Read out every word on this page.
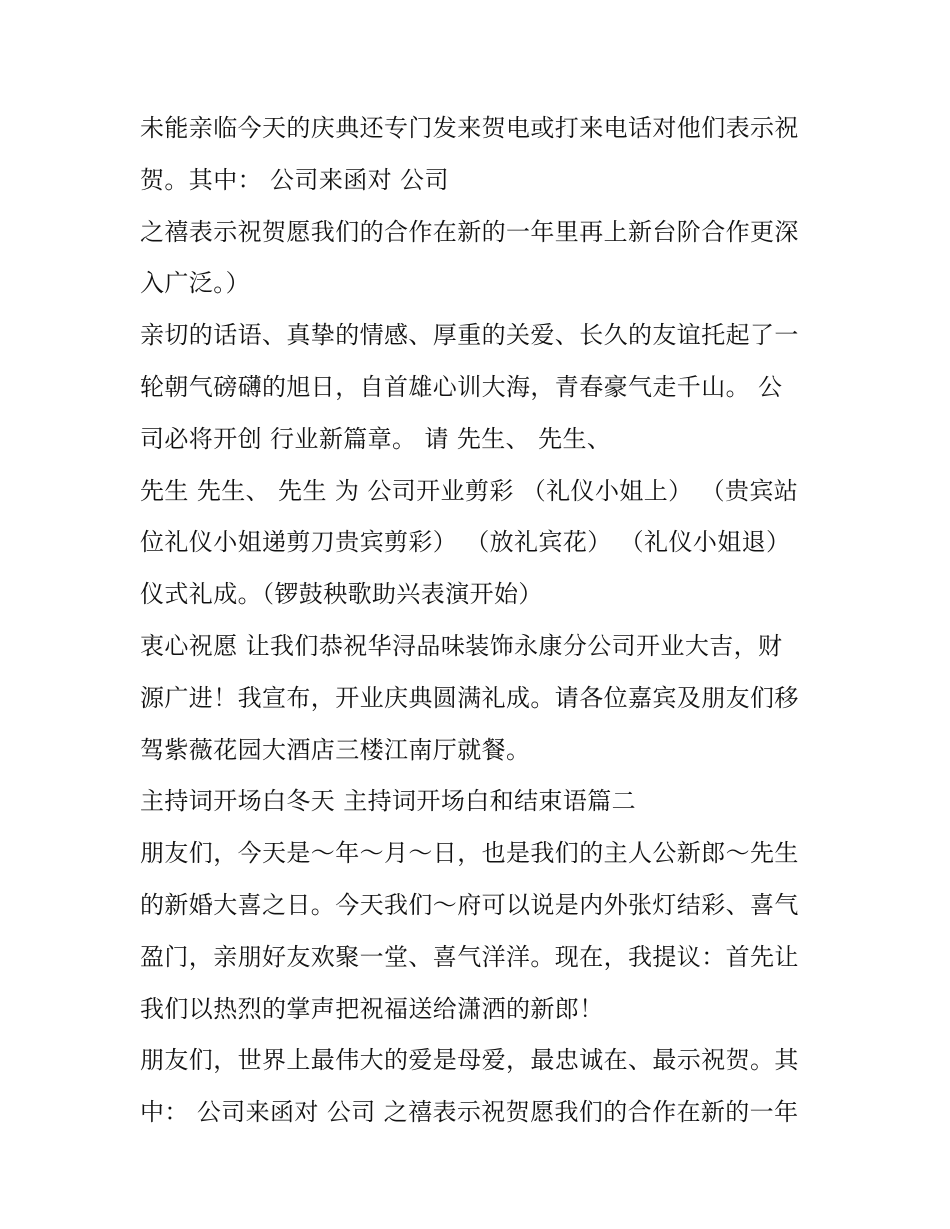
未能亲临今天的庆典还专门发来贺电或打来电话对他们表示祝
贺。其中： 公司来函对 公司
之禧表示祝贺愿我们的合作在新的一年里再上新台阶合作更深
入广泛。）
亲切的话语、真挚的情感、厚重的关爱、长久的友谊托起了一
轮朝气磅礴的旭日，自首雄心训大海，青春豪气走千山。 公
司必将开创 行业新篇章。 请 先生、 先生、
先生 先生、 先生 为 公司开业剪彩 （礼仪小姐上） （贵宾站
位礼仪小姐递剪刀贵宾剪彩） （放礼宾花） （礼仪小姐退）
仪式礼成。（锣鼓秧歌助兴表演开始）
衷心祝愿 让我们恭祝华浔品味装饰永康分公司开业大吉，财
源广进！我宣布，开业庆典圆满礼成。请各位嘉宾及朋友们移
驾紫薇花园大酒店三楼江南厅就餐。
主持词开场白冬天 主持词开场白和结束语篇二
朋友们，今天是～年～月～日，也是我们的主人公新郎～先生
的新婚大喜之日。今天我们～府可以说是内外张灯结彩、喜气
盈门，亲朋好友欢聚一堂、喜气洋洋。现在，我提议：首先让
我们以热烈的掌声把祝福送给潇洒的新郎！
朋友们，世界上最伟大的爱是母爱，最忠诚在、最示祝贺。其
中： 公司来函对 公司 之禧表示祝贺愿我们的合作在新的一年
